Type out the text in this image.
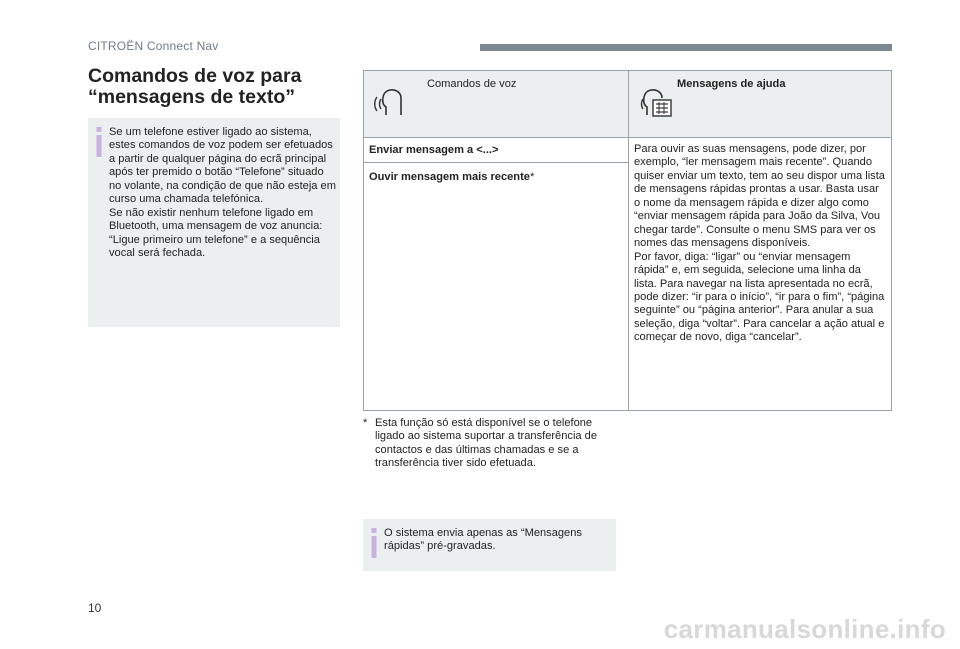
CITROËN Connect Nav
Comandos de voz para “mensagens de texto”
Se um telefone estiver ligado ao sistema, estes comandos de voz podem ser efetuados a partir de qualquer página do ecrã principal após ter premido o botão “Telefone” situado no volante, na condição de que não esteja em curso uma chamada telefónica.
Se não existir nenhum telefone ligado em Bluetooth, uma mensagem de voz anuncia: “Ligue primeiro um telefone” e a sequência vocal será fechada.
Comandos de voz	Mensagens de ajuda
Enviar mensagem a <...>
Ouvir mensagem mais recente*
Para ouvir as suas mensagens, pode dizer, por exemplo, “ler mensagem mais recente”. Quando quiser enviar um texto, tem ao seu dispor uma lista de mensagens rápidas prontas a usar. Basta usar o nome da mensagem rápida e dizer algo como “enviar mensagem rápida para João da Silva, Vou chegar tarde”. Consulte o menu SMS para ver os nomes das mensagens disponíveis.
Por favor, diga: “ligar” ou “enviar mensagem rápida” e, em seguida, selecione uma linha da lista. Para navegar na lista apresentada no ecrã, pode dizer: “ir para o início”, “ir para o fim”, “página seguinte” ou “página anterior”. Para anular a sua seleção, diga “voltar”. Para cancelar a ação atual e começar de novo, diga “cancelar”.
* Esta função só está disponível se o telefone ligado ao sistema suportar a transferência de contactos e das últimas chamadas e se a transferência tiver sido efetuada.
O sistema envia apenas as “Mensagens rápidas” pré-gravadas.
10
carmanualsonline.info
